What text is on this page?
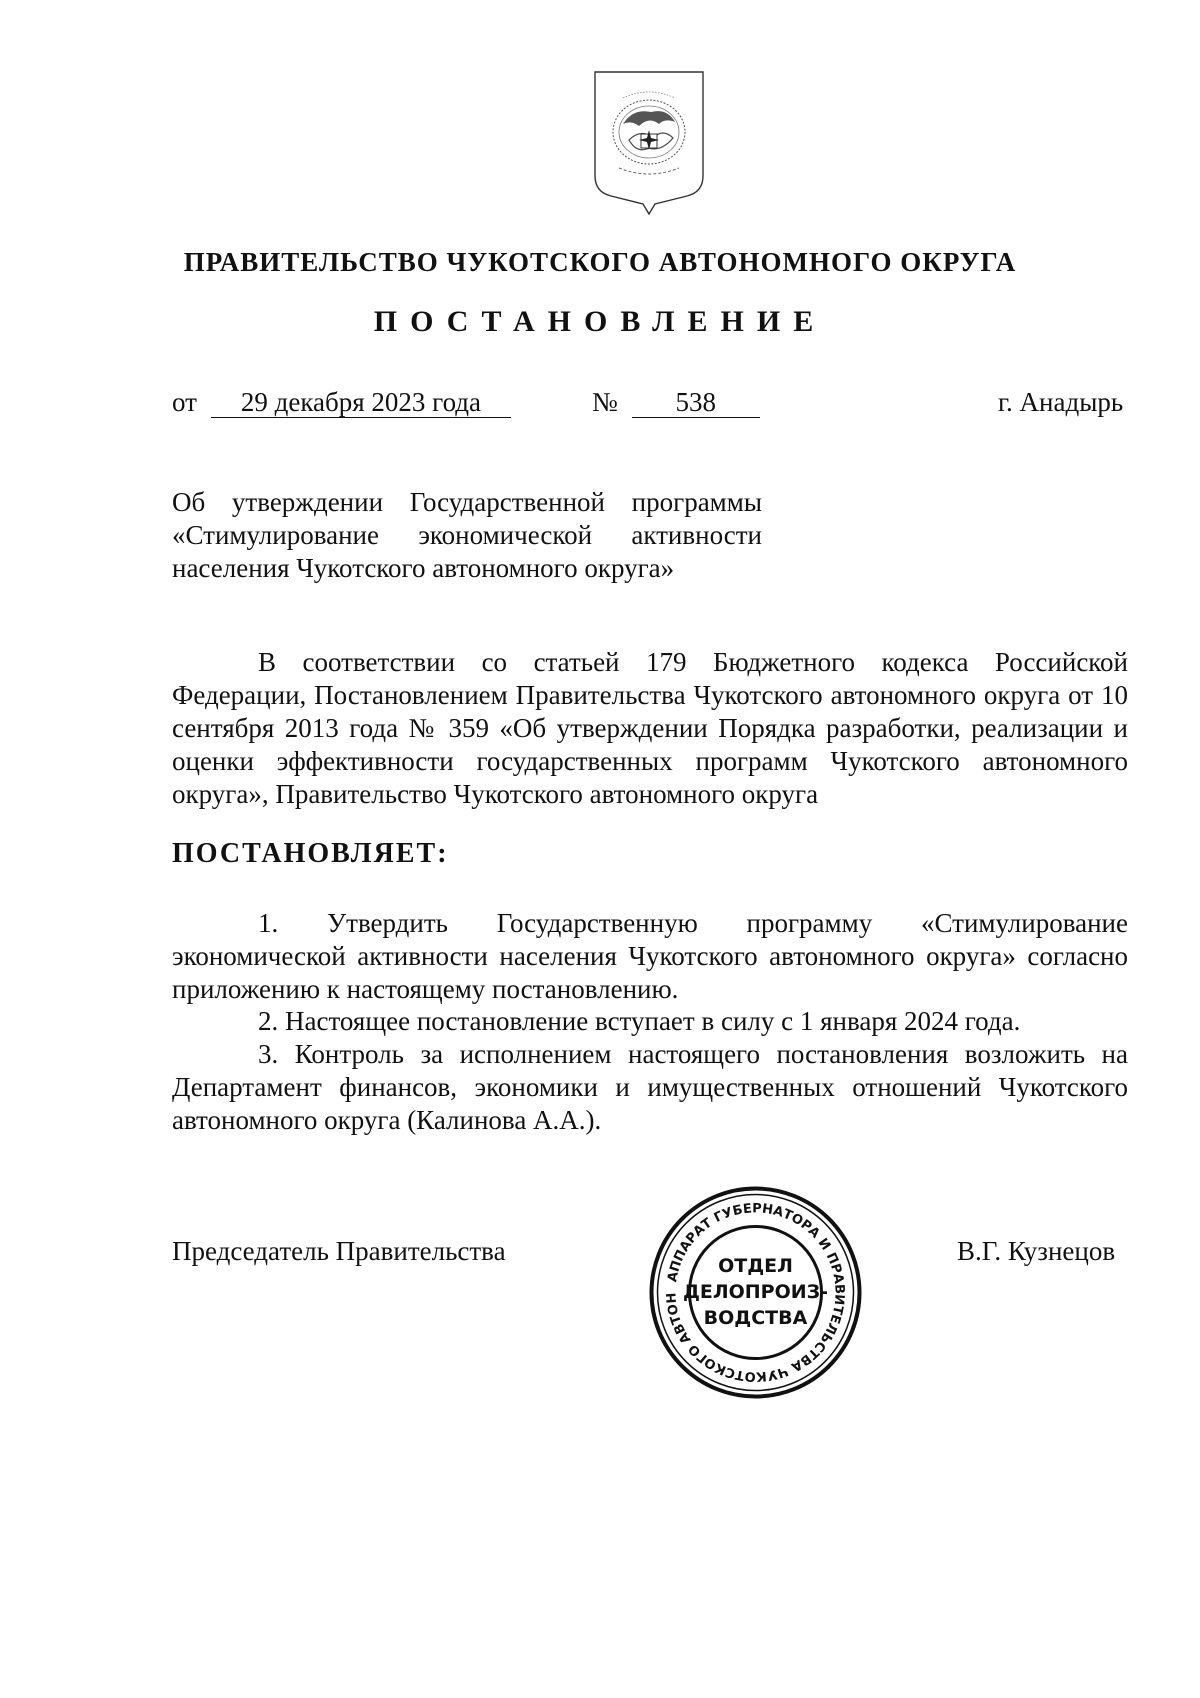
ПРАВИТЕЛЬСТВО ЧУКОТСКОГО АВТОНОМНОГО ОКРУГА
ПОСТАНОВЛЕНИЕ
от 29 декабря 2023 года	№ 538	г. Анадырь
Об утверждении Государственной программы «Стимулирование экономической активности населения Чукотского автономного округа»
В соответствии со статьей 179 Бюджетного кодекса Российской Федерации, Постановлением Правительства Чукотского автономного округа от 10 сентября 2013 года № 359 «Об утверждении Порядка разработки, реализации и оценки эффективности государственных программ Чукотского автономного округа», Правительство Чукотского автономного округа
ПОСТАНОВЛЯЕТ:
1. Утвердить Государственную программу «Стимулирование экономической активности населения Чукотского автономного округа» согласно приложению к настоящему постановлению.
2. Настоящее постановление вступает в силу с 1 января 2024 года.
3. Контроль за исполнением настоящего постановления возложить на Департамент финансов, экономики и имущественных отношений Чукотского автономного округа (Калинова А.А.).
Председатель Правительства	В.Г. Кузнецов
АППАРАТ ГУБЕРНАТОРА И ПРАВИТЕЛЬСТВА ЧУКОТСКОГО АВТОН
ОТДЕЛ
ДЕЛОПРОИЗ-
ВОДСТВА
